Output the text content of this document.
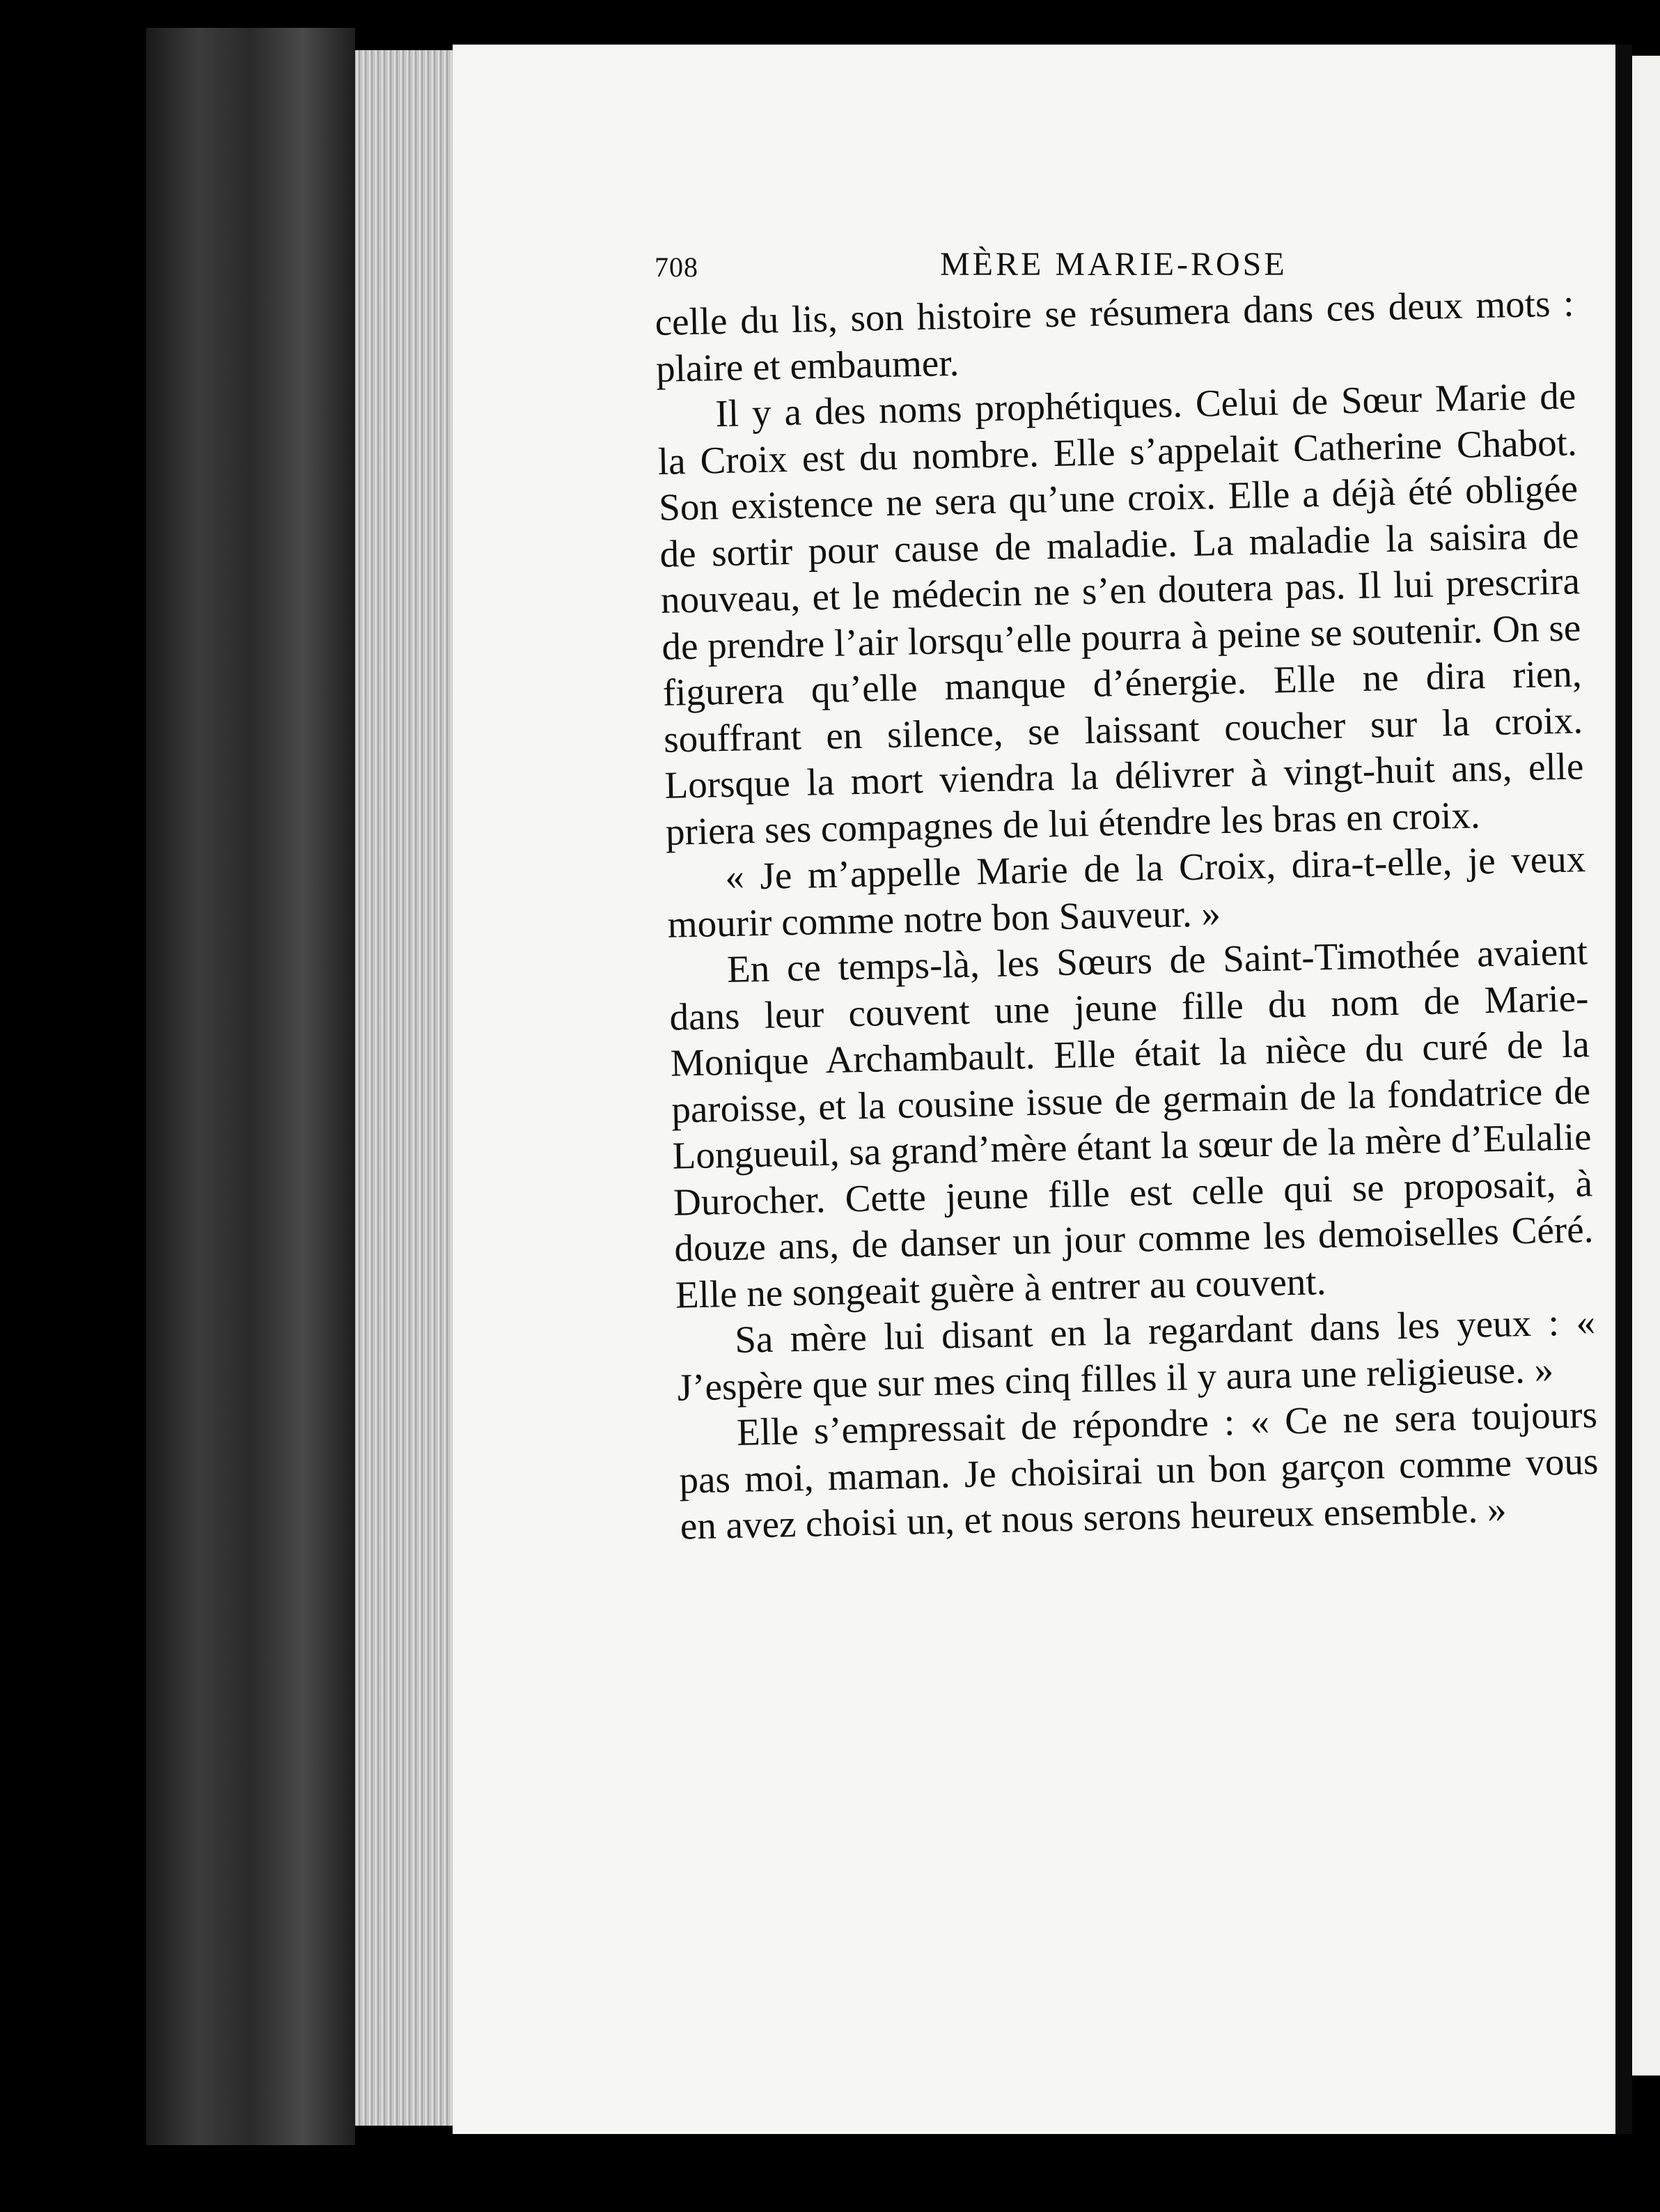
708	MÈRE MARIE-ROSE

celle du lis, son histoire se résumera dans ces deux mots : plaire et embaumer.

Il y a des noms prophétiques. Celui de Sœur Marie de la Croix est du nombre. Elle s’appelait Catherine Chabot. Son existence ne sera qu’une croix. Elle a déjà été obligée de sortir pour cause de maladie. La maladie la saisira de nouveau, et le médecin ne s’en doutera pas. Il lui prescrira de prendre l’air lorsqu’elle pourra à peine se soutenir. On se figurera qu’elle manque d’énergie. Elle ne dira rien, souffrant en silence, se laissant coucher sur la croix. Lorsque la mort viendra la délivrer à vingt-huit ans, elle priera ses compagnes de lui étendre les bras en croix.

« Je m’appelle Marie de la Croix, dira-t-elle, je veux mourir comme notre bon Sauveur. »

En ce temps-là, les Sœurs de Saint-Timothée avaient dans leur couvent une jeune fille du nom de Marie-Monique Archambault. Elle était la nièce du curé de la paroisse, et la cousine issue de germain de la fondatrice de Longueuil, sa grand’mère étant la sœur de la mère d’Eulalie Durocher. Cette jeune fille est celle qui se proposait, à douze ans, de danser un jour comme les demoiselles Céré. Elle ne songeait guère à entrer au couvent.

Sa mère lui disant en la regardant dans les yeux : « J’espère que sur mes cinq filles il y aura une religieuse. »

Elle s’empressait de répondre : « Ce ne sera toujours pas moi, maman. Je choisirai un bon garçon comme vous en avez choisi un, et nous serons heureux ensemble. »
